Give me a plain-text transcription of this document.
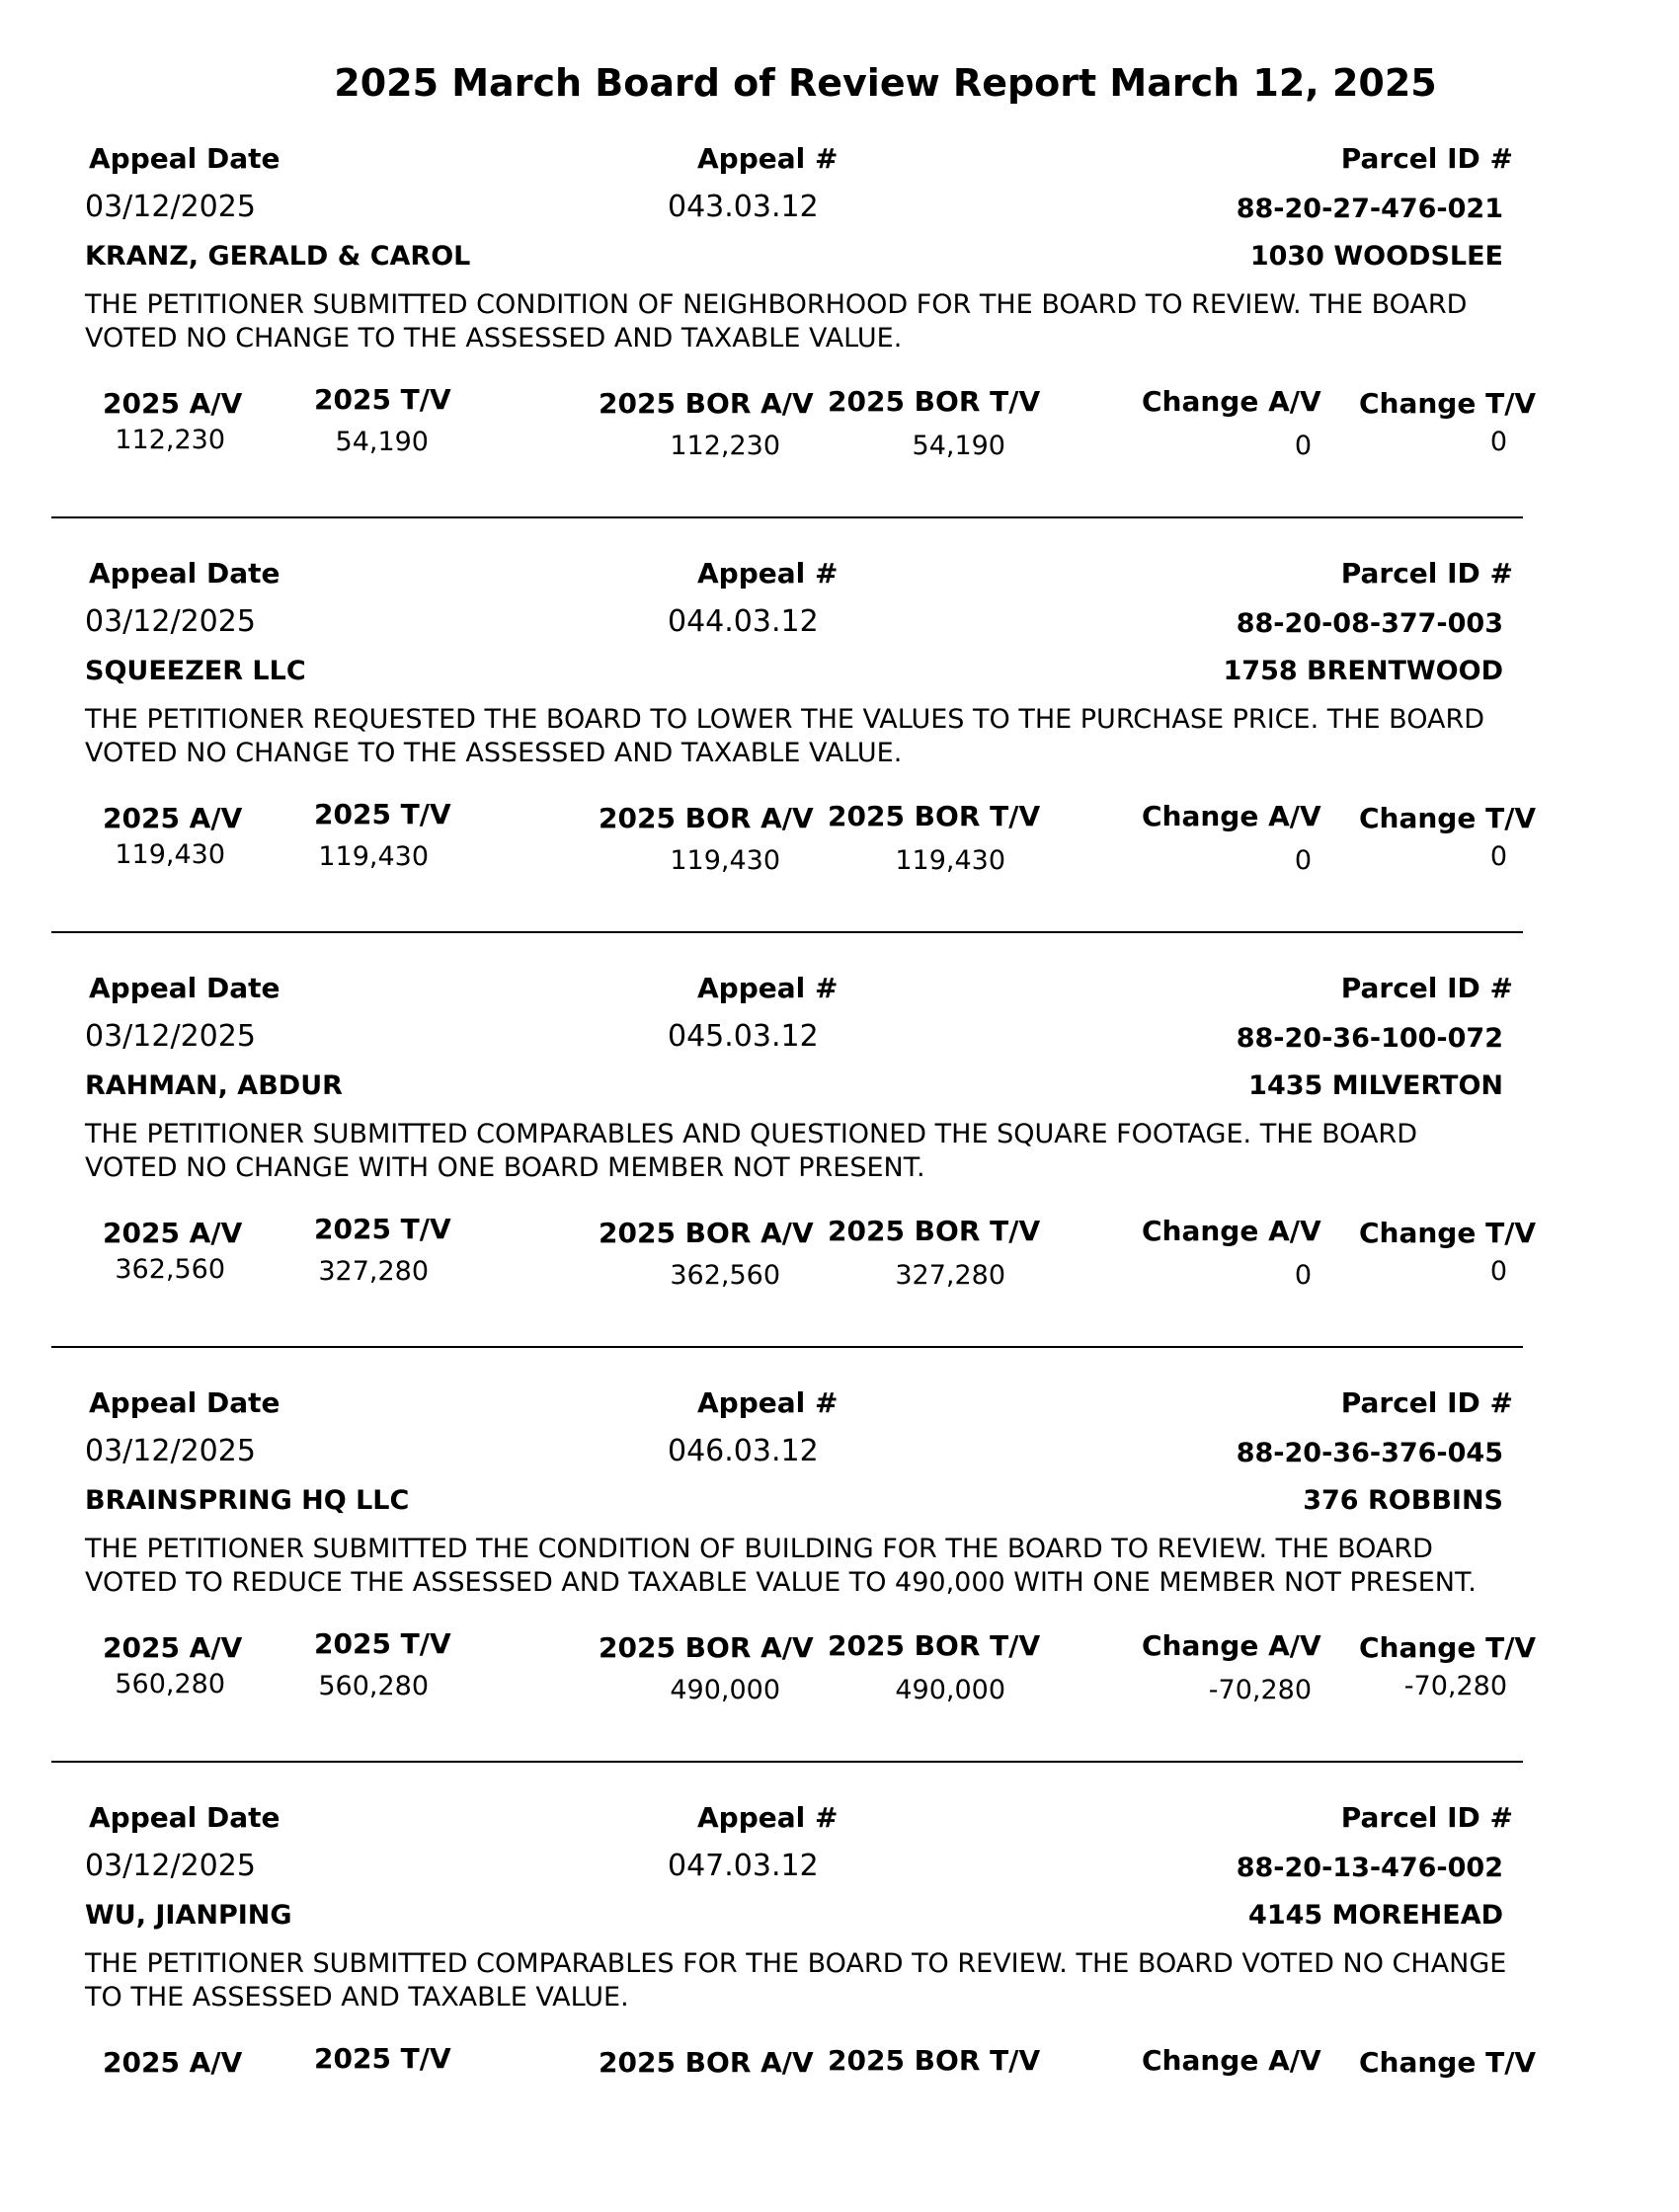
2025 March Board of Review Report March 12, 2025
Appeal Date	Appeal #	Parcel ID #
03/12/2025	043.03.12	88-20-27-476-021
KRANZ, GERALD & CAROL	1030 WOODSLEE
THE PETITIONER SUBMITTED CONDITION OF NEIGHBORHOOD FOR THE BOARD TO REVIEW. THE BOARD VOTED NO CHANGE TO THE ASSESSED AND TAXABLE VALUE.
2025 A/V	2025 T/V	2025 BOR A/V 2025 BOR T/V	Change A/V Change T/V
112,230	54,190	112,230	54,190	0	0
Appeal Date	Appeal #	Parcel ID #
03/12/2025	044.03.12	88-20-08-377-003
SQUEEZER LLC	1758 BRENTWOOD
THE PETITIONER REQUESTED THE BOARD TO LOWER THE VALUES TO THE PURCHASE PRICE. THE BOARD VOTED NO CHANGE TO THE ASSESSED AND TAXABLE VALUE.
2025 A/V	2025 T/V	2025 BOR A/V 2025 BOR T/V	Change A/V Change T/V
119,430	119,430	119,430	119,430	0	0
Appeal Date	Appeal #	Parcel ID #
03/12/2025	045.03.12	88-20-36-100-072
RAHMAN, ABDUR	1435 MILVERTON
THE PETITIONER SUBMITTED COMPARABLES AND QUESTIONED THE SQUARE FOOTAGE. THE BOARD VOTED NO CHANGE WITH ONE BOARD MEMBER NOT PRESENT.
2025 A/V	2025 T/V	2025 BOR A/V 2025 BOR T/V	Change A/V Change T/V
362,560	327,280	362,560	327,280	0	0
Appeal Date	Appeal #	Parcel ID #
03/12/2025	046.03.12	88-20-36-376-045
BRAINSPRING HQ LLC	376 ROBBINS
THE PETITIONER SUBMITTED THE CONDITION OF BUILDING FOR THE BOARD TO REVIEW. THE BOARD VOTED TO REDUCE THE ASSESSED AND TAXABLE VALUE TO 490,000 WITH ONE MEMBER NOT PRESENT.
2025 A/V	2025 T/V	2025 BOR A/V 2025 BOR T/V	Change A/V Change T/V
560,280	560,280	490,000	490,000	-70,280	-70,280
Appeal Date	Appeal #	Parcel ID #
03/12/2025	047.03.12	88-20-13-476-002
WU, JIANPING	4145 MOREHEAD
THE PETITIONER SUBMITTED COMPARABLES FOR THE BOARD TO REVIEW. THE BOARD VOTED NO CHANGE TO THE ASSESSED AND TAXABLE VALUE.
2025 A/V	2025 T/V	2025 BOR A/V 2025 BOR T/V	Change A/V Change T/V
